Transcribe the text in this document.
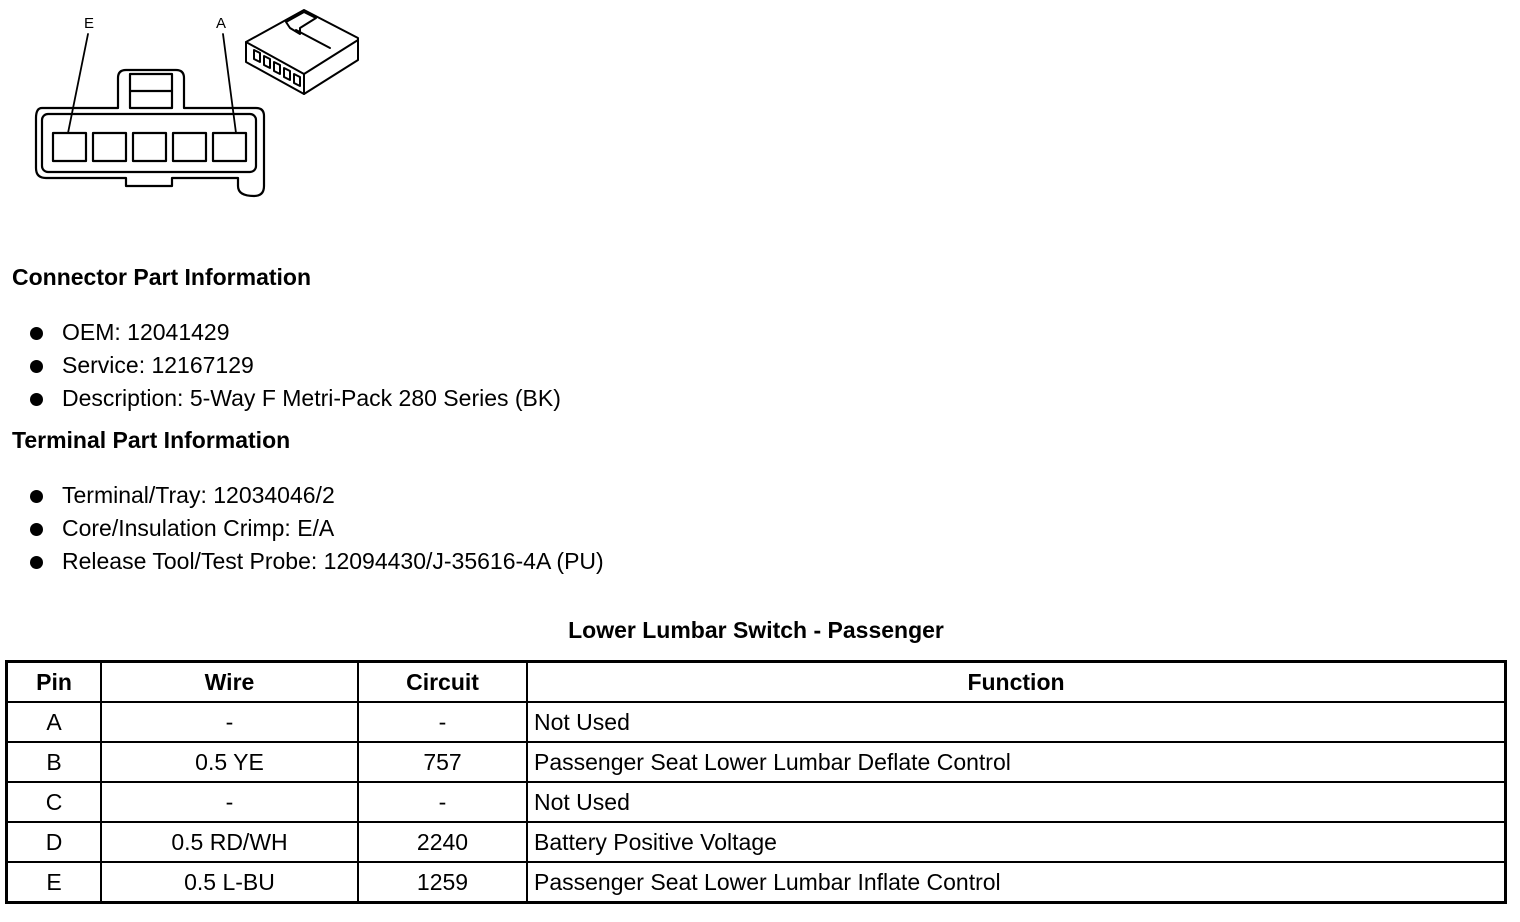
E	A
Connector Part Information
OEM: 12041429
Service: 12167129
Description: 5-Way F Metri-Pack 280 Series (BK)
Terminal Part Information
Terminal/Tray: 12034046/2
Core/Insulation Crimp: E/A
Release Tool/Test Probe: 12094430/J-35616-4A (PU)
Lower Lumbar Switch - Passenger
Pin	Wire	Circuit	Function
A	-	-	Not Used
B	0.5 YE	757	Passenger Seat Lower Lumbar Deflate Control
C	-	-	Not Used
D	0.5 RD/WH	2240	Battery Positive Voltage
E	0.5 L-BU	1259	Passenger Seat Lower Lumbar Inflate Control
